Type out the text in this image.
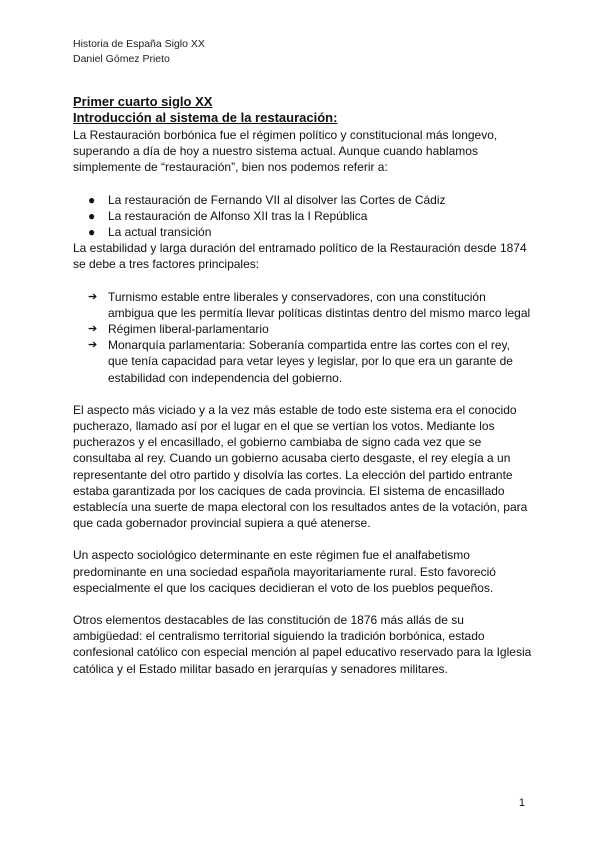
Historia de España Siglo XX
Daniel Gómez Prieto
Primer cuarto siglo XX
Introducción al sistema de la restauración:

La Restauración borbónica fue el régimen político y constitucional más longevo, superando a día de hoy a nuestro sistema actual. Aunque cuando hablamos simplemente de “restauración”, bien nos podemos referir a:

● La restauración de Fernando VII al disolver las Cortes de Cádiz
● La restauración de Alfonso XII tras la I República
● La actual transición

La estabilidad y larga duración del entramado político de la Restauración desde 1874 se debe a tres factores principales:

➔ Turnismo estable entre liberales y conservadores, con una constitución ambigua que les permitía llevar políticas distintas dentro del mismo marco legal
➔ Régimen liberal-parlamentario
➔ Monarquía parlamentaria: Soberanía compartida entre las cortes con el rey, que tenía capacidad para vetar leyes y legislar, por lo que era un garante de estabilidad con independencia del gobierno.

El aspecto más viciado y a la vez más estable de todo este sistema era el conocido pucherazo, llamado así por el lugar en el que se vertían los votos. Mediante los pucherazos y el encasillado, el gobierno cambiaba de signo cada vez que se consultaba al rey. Cuando un gobierno acusaba cierto desgaste, el rey elegía a un representante del otro partido y disolvía las cortes. La elección del partido entrante estaba garantizada por los caciques de cada provincia. El sistema de encasillado establecía una suerte de mapa electoral con los resultados antes de la votación, para que cada gobernador provincial supiera a qué atenerse.

Un aspecto sociológico determinante en este régimen fue el analfabetismo predominante en una sociedad española mayoritariamente rural. Esto favoreció especialmente el que los caciques decidieran el voto de los pueblos pequeños.

Otros elementos destacables de las constitución de 1876 más allás de su ambigüedad: el centralismo territorial siguiendo la tradición borbónica, estado confesional católico con especial mención al papel educativo reservado para la Iglesia católica y el Estado militar basado en jerarquías y senadores militares.

1
